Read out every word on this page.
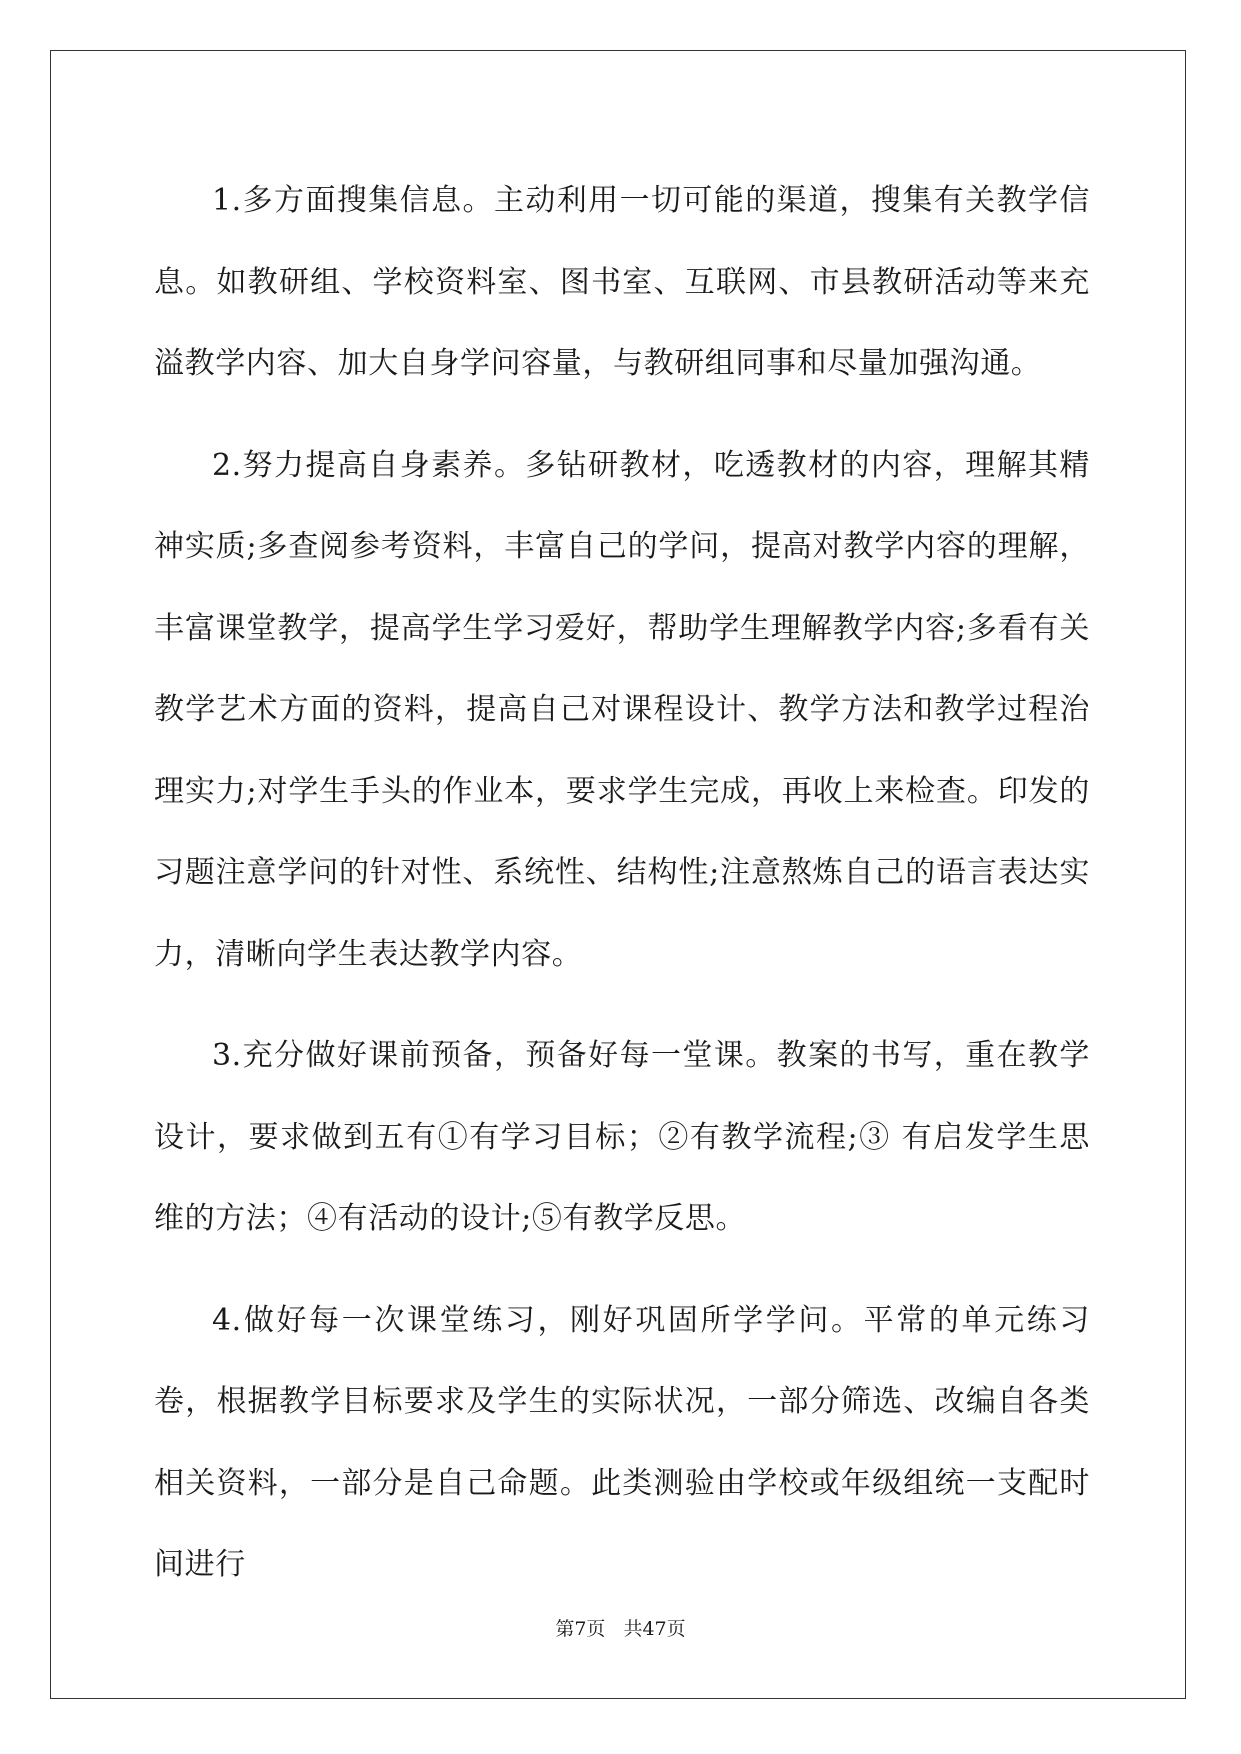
1.多方面搜集信息。主动利用一切可能的渠道，搜集有关教学信息。如教研组、学校资料室、图书室、互联网、市县教研活动等来充溢教学内容、加大自身学问容量，与教研组同事和尽量加强沟通。

2.努力提高自身素养。多钻研教材，吃透教材的内容，理解其精神实质;多查阅参考资料，丰富自己的学问，提高对教学内容的理解，丰富课堂教学，提高学生学习爱好，帮助学生理解教学内容;多看有关教学艺术方面的资料，提高自己对课程设计、教学方法和教学过程治理实力;对学生手头的作业本，要求学生完成，再收上来检查。印发的习题注意学问的针对性、系统性、结构性;注意熬炼自己的语言表达实力，清晰向学生表达教学内容。

3.充分做好课前预备，预备好每一堂课。教案的书写，重在教学设计，要求做到五有①有学习目标；②有教学流程;③ 有启发学生思维的方法；④有活动的设计;⑤有教学反思。

4.做好每一次课堂练习，刚好巩固所学学问。平常的单元练习卷，根据教学目标要求及学生的实际状况，一部分筛选、改编自各类相关资料，一部分是自己命题。此类测验由学校或年级组统一支配时间进行

第7页 共47页
